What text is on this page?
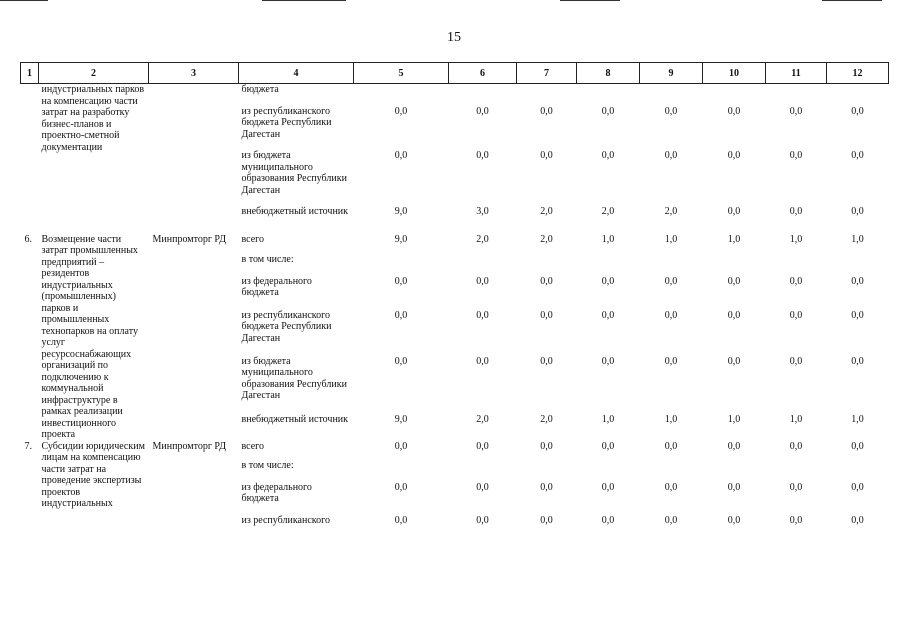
15
1	2	3	4	5	6	7	8	9	10	11	12
	индустриальных парков на компенсацию части затрат на разработку бизнес-планов и проектно-сметной документации		бюджета								
			из республиканского бюджета Республики Дагестан	0,0	0,0	0,0	0,0	0,0	0,0	0,0	0,0
			из бюджета муниципального образования Республики Дагестан	0,0	0,0	0,0	0,0	0,0	0,0	0,0	0,0
			внебюджетный источник	9,0	3,0	2,0	2,0	2,0	0,0	0,0	0,0
6.	Возмещение части затрат промышленных предприятий – резидентов индустриальных (промышленных) парков и промышленных технопарков на оплату услуг ресурсоснабжающих организаций по подключению к коммунальной инфраструктуре в рамках реализации инвестиционного проекта	Минпромторг РД	всего	9,0	2,0	2,0	1,0	1,0	1,0	1,0	1,0
			в том числе:								
			из федерального бюджета	0,0	0,0	0,0	0,0	0,0	0,0	0,0	0,0
			из республиканского бюджета Республики Дагестан	0,0	0,0	0,0	0,0	0,0	0,0	0,0	0,0
			из бюджета муниципального образования Республики Дагестан	0,0	0,0	0,0	0,0	0,0	0,0	0,0	0,0
			внебюджетный источник	9,0	2,0	2,0	1,0	1,0	1,0	1,0	1,0
7.	Субсидии юридическим лицам на компенсацию части затрат на проведение экспертизы проектов индустриальных	Минпромторг РД	всего	0,0	0,0	0,0	0,0	0,0	0,0	0,0	0,0
			в том числе:								
			из федерального бюджета	0,0	0,0	0,0	0,0	0,0	0,0	0,0	0,0
			из республиканского	0,0	0,0	0,0	0,0	0,0	0,0	0,0	0,0
